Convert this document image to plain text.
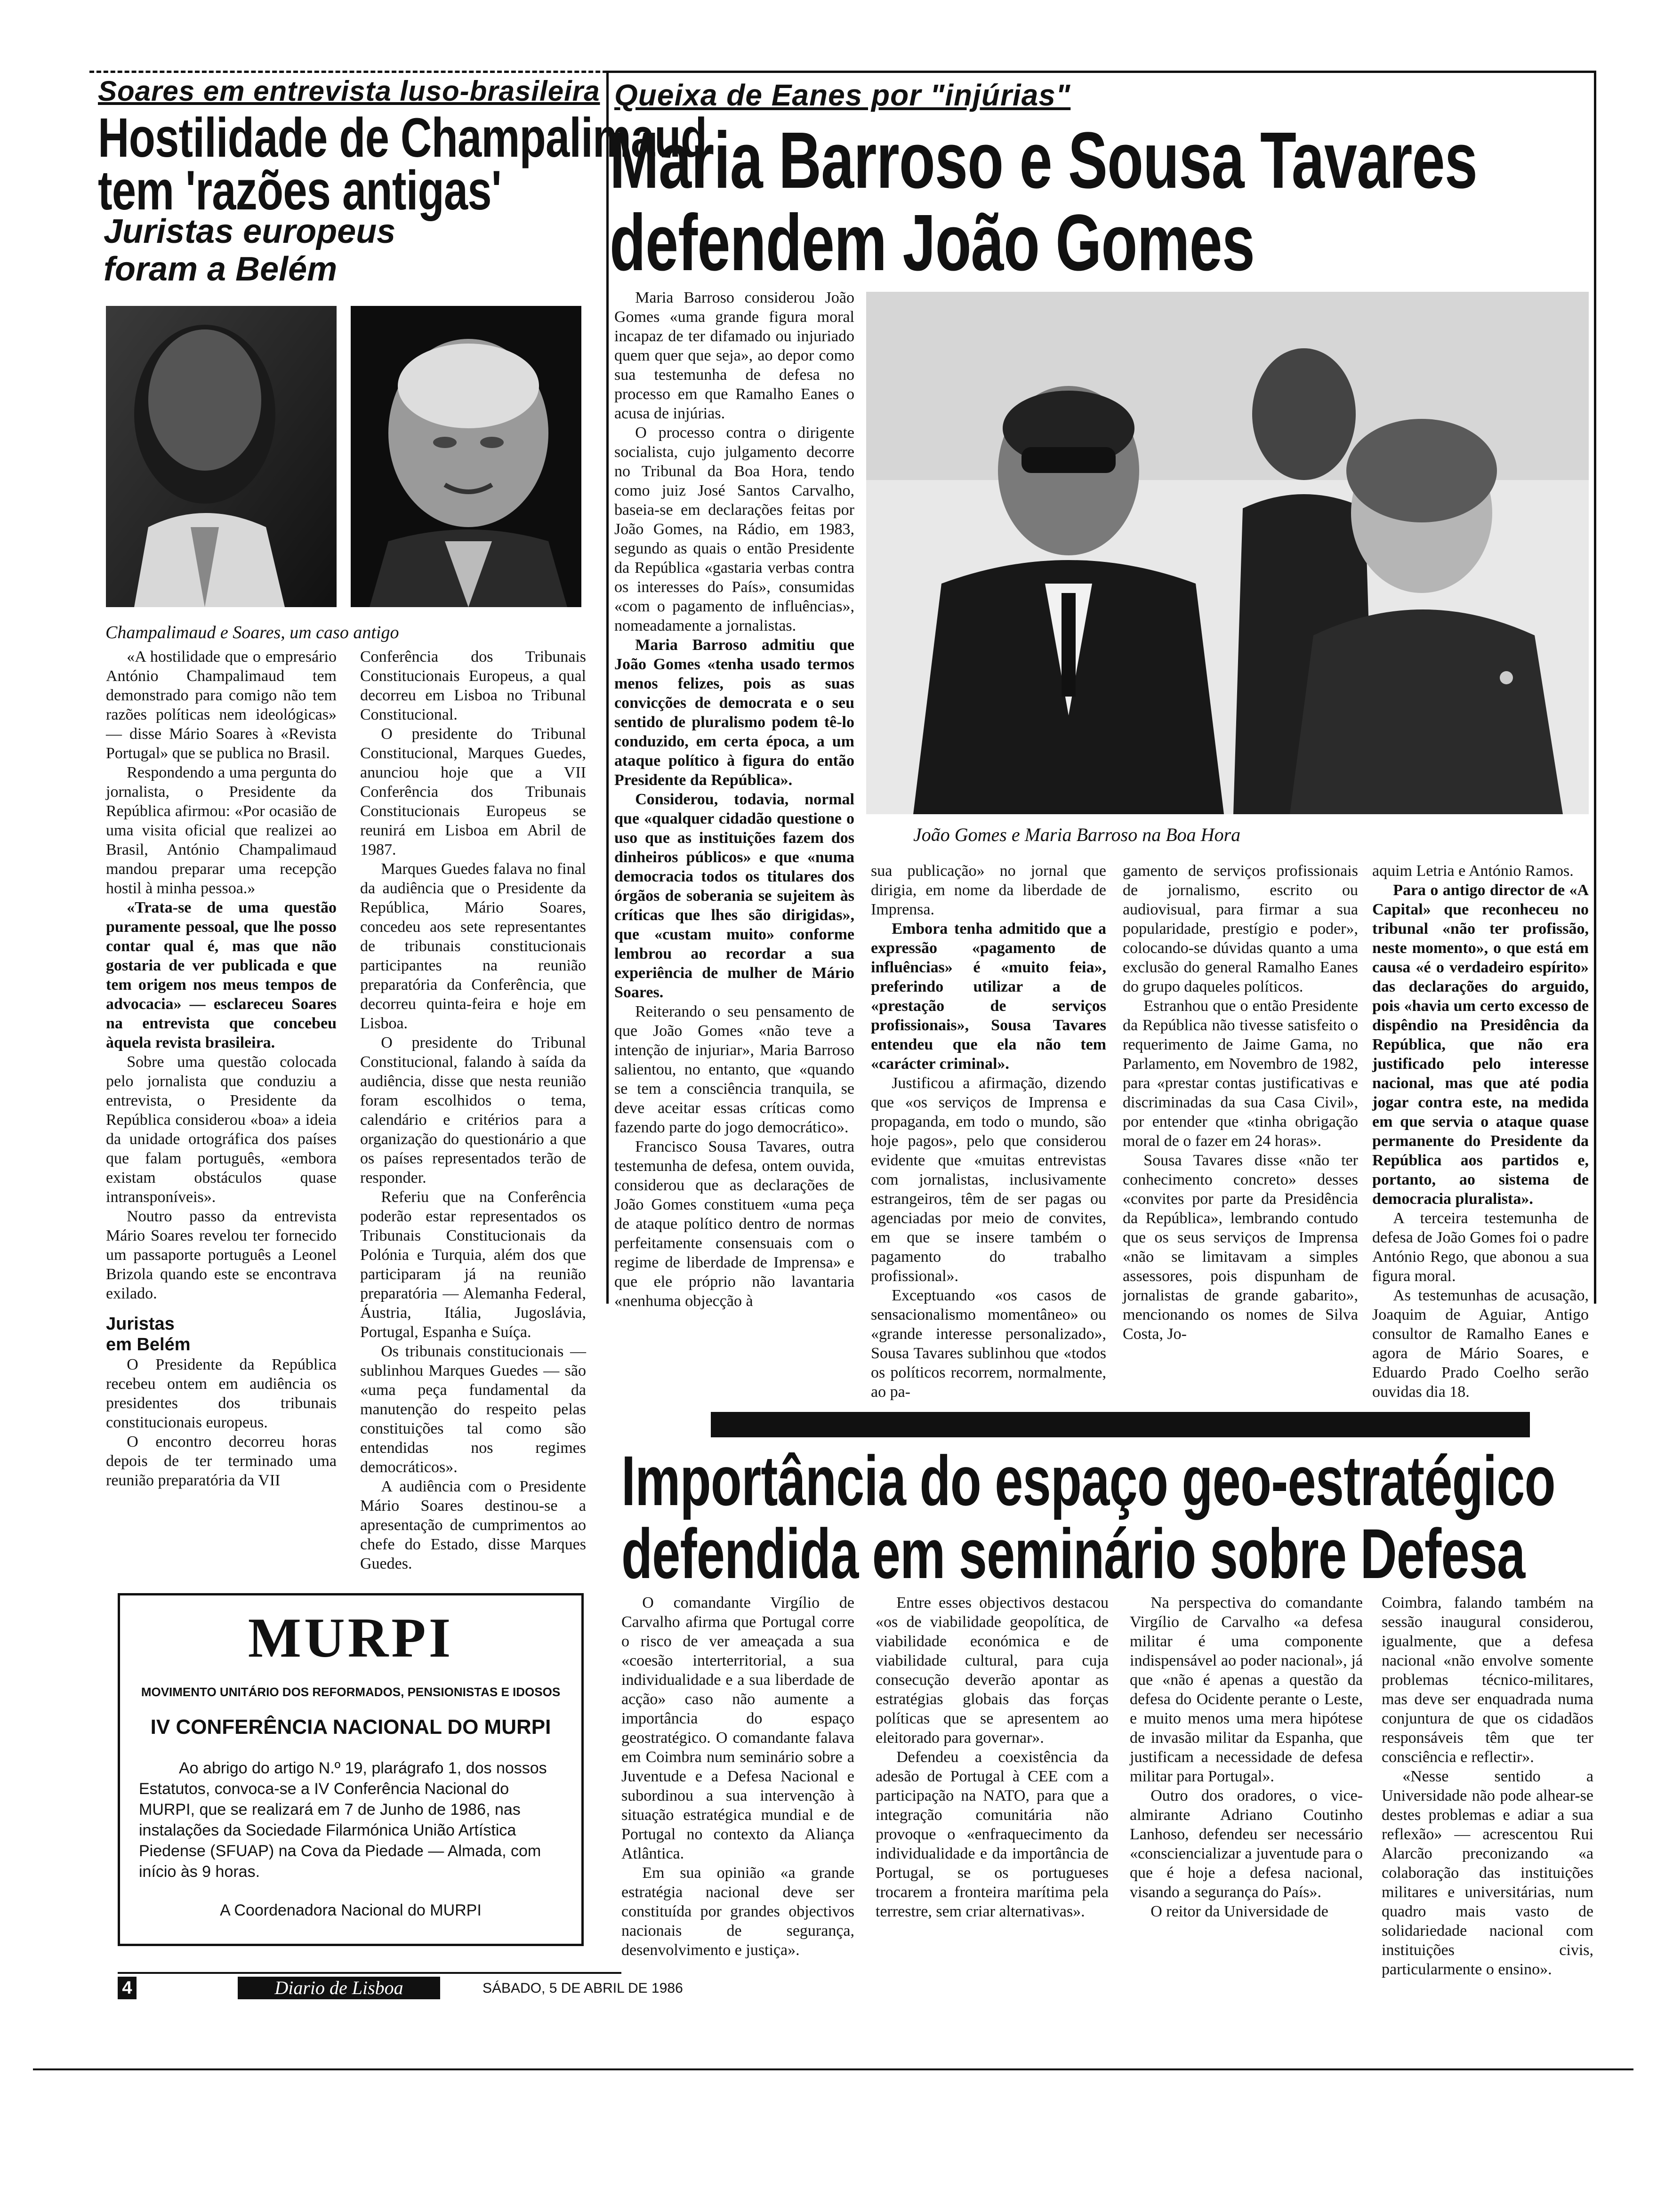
Soares em entrevista luso-brasileira
Hostilidade de Champalimaud
tem 'razões antigas'
Juristas europeus
foram a Belém
Champalimaud e Soares, um caso antigo

«A hostilidade que o empresário António Champalimaud tem demonstrado para comigo não tem razões políticas nem ideológicas» — disse Mário Soares à «Revista Portugal» que se publica no Brasil.

Respondendo a uma pergunta do jornalista, o Presidente da República afirmou: «Por ocasião de uma visita oficial que realizei ao Brasil, António Champalimaud mandou preparar uma recepção hostil à minha pessoa.»

«Trata-se de uma questão puramente pessoal, que lhe posso contar qual é, mas que não gostaria de ver publicada e que tem origem nos meus tempos de advocacia» — esclareceu Soares na entrevista que concebeu àquela revista brasileira.

Sobre uma questão colocada pelo jornalista que conduziu a entrevista, o Presidente da República considerou «boa» a ideia da unidade ortográfica dos países que falam português, «embora existam obstáculos quase intransponíveis».

Noutro passo da entrevista Mário Soares revelou ter fornecido um passaporte português a Leonel Brizola quando este se encontrava exilado.

Juristas

em Belém

O Presidente da República recebeu ontem em audiência os presidentes dos tribunais constitucionais europeus.

O encontro decorreu horas depois de ter terminado uma reunião preparatória da VII

Conferência dos Tribunais Constitucionais Europeus, a qual decorreu em Lisboa no Tribunal Constitucional.

O presidente do Tribunal Constitucional, Marques Guedes, anunciou hoje que a VII Conferência dos Tribunais Constitucionais Europeus se reunirá em Lisboa em Abril de 1987.

Marques Guedes falava no final da audiência que o Presidente da República, Mário Soares, concedeu aos sete representantes de tribunais constitucionais participantes na reunião preparatória da Conferência, que decorreu quinta-feira e hoje em Lisboa.

O presidente do Tribunal Constitucional, falando à saída da audiência, disse que nesta reunião foram escolhidos o tema, calendário e critérios para a organização do questionário a que os países representados terão de responder.

Referiu que na Conferência poderão estar representados os Tribunais Constitucionais da Polónia e Turquia, além dos que participaram já na reunião preparatória — Alemanha Federal, Áustria, Itália, Jugoslávia, Portugal, Espanha e Suíça.

Os tribunais constitucionais — sublinhou Marques Guedes — são «uma peça fundamental da manutenção do respeito pelas constituições tal como são entendidas nos regimes democráticos».

A audiência com o Presidente Mário Soares destinou-se a apresentação de cumprimentos ao chefe do Estado, disse Marques Guedes.

Queixa de Eanes por "injúrias"
Maria Barroso e Sousa Tavares
defendem João Gomes
João Gomes e Maria Barroso na Boa Hora

Maria Barroso considerou João Gomes «uma grande figura moral incapaz de ter difamado ou injuriado quem quer que seja», ao depor como sua testemunha de defesa no processo em que Ramalho Eanes o acusa de injúrias.

O processo contra o dirigente socialista, cujo julgamento decorre no Tribunal da Boa Hora, tendo como juiz José Santos Carvalho, baseia-se em declarações feitas por João Gomes, na Rádio, em 1983, segundo as quais o então Presidente da República «gastaria verbas contra os interesses do País», consumidas «com o pagamento de influências», nomeadamente a jornalistas.

Maria Barroso admitiu que João Gomes «tenha usado termos menos felizes, pois as suas convicções de democrata e o seu sentido de pluralismo podem tê-lo conduzido, em certa época, a um ataque político à figura do então Presidente da República».

Considerou, todavia, normal que «qualquer cidadão questione o uso que as instituições fazem dos dinheiros públicos» e que «numa democracia todos os titulares dos órgãos de soberania se sujeitem às críticas que lhes são dirigidas», que «custam muito» conforme lembrou ao recordar a sua experiência de mulher de Mário Soares.

Reiterando o seu pensamento de que João Gomes «não teve a intenção de injuriar», Maria Barroso salientou, no entanto, que «quando se tem a consciência tranquila, se deve aceitar essas críticas como fazendo parte do jogo democrático».

Francisco Sousa Tavares, outra testemunha de defesa, ontem ouvida, considerou que as declarações de João Gomes constituem «uma peça de ataque político dentro de normas perfeitamente consensuais com o regime de liberdade de Imprensa» e que ele próprio não lavantaria «nenhuma objecção à

sua publicação» no jornal que dirigia, em nome da liberdade de Imprensa.

Embora tenha admitido que a expressão «pagamento de influências» é «muito feia», preferindo utilizar a de «prestação de serviços profissionais», Sousa Tavares entendeu que ela não tem «carácter criminal».

Justificou a afirmação, dizendo que «os serviços de Imprensa e propaganda, em todo o mundo, são hoje pagos», pelo que considerou evidente que «muitas entrevistas com jornalistas, inclusivamente estrangeiros, têm de ser pagas ou agenciadas por meio de convites, em que se insere também o pagamento do trabalho profissional».

Exceptuando «os casos de sensacionalismo momentâneo» ou «grande interesse personalizado», Sousa Tavares sublinhou que «todos os políticos recorrem, normalmente, ao pa-

gamento de serviços profissionais de jornalismo, escrito ou audiovisual, para firmar a sua popularidade, prestígio e poder», colocando-se dúvidas quanto a uma exclusão do general Ramalho Eanes do grupo daqueles políticos.

Estranhou que o então Presidente da República não tivesse satisfeito o requerimento de Jaime Gama, no Parlamento, em Novembro de 1982, para «prestar contas justificativas e discriminadas da sua Casa Civil», por entender que «tinha obrigação moral de o fazer em 24 horas».

Sousa Tavares disse «não ter conhecimento concreto» desses «convites por parte da Presidência da República», lembrando contudo que os seus serviços de Imprensa «não se limitavam a simples assessores, pois dispunham de jornalistas de grande gabarito», mencionando os nomes de Silva Costa, Jo-

aquim Letria e António Ramos.

Para o antigo director de «A Capital» que reconheceu no tribunal «não ter profissão, neste momento», o que está em causa «é o verdadeiro espírito» das declarações do arguido, pois «havia um certo excesso de dispêndio na Presidência da República, que não era justificado pelo interesse nacional, mas que até podia jogar contra este, na medida em que servia o ataque quase permanente do Presidente da República aos partidos e, portanto, ao sistema de democracia pluralista».

A terceira testemunha de defesa de João Gomes foi o padre António Rego, que abonou a sua figura moral.

As testemunhas de acusação, Joaquim de Aguiar, Antigo consultor de Ramalho Eanes e agora de Mário Soares, e Eduardo Prado Coelho serão ouvidas dia 18.

Importância do espaço geo-estratégico
defendida em seminário sobre Defesa

O comandante Virgílio de Carvalho afirma que Portugal corre o risco de ver ameaçada a sua «coesão interterritorial, a sua individualidade e a sua liberdade de acção» caso não aumente a importância do espaço geostratégico. O comandante falava em Coimbra num seminário sobre a Juventude e a Defesa Nacional e subordinou a sua intervenção à situação estratégica mundial e de Portugal no contexto da Aliança Atlântica.

Em sua opinião «a grande estratégia nacional deve ser constituída por grandes objectivos nacionais de segurança, desenvolvimento e justiça».

Entre esses objectivos destacou «os de viabilidade geopolítica, de viabilidade económica e de viabilidade cultural, para cuja consecução deverão apontar as estratégias globais das forças políticas que se apresentem ao eleitorado para governar».

Defendeu a coexistência da adesão de Portugal à CEE com a participação na NATO, para que a integração comunitária não provoque o «enfraquecimento da individualidade e da importância de Portugal, se os portugueses trocarem a fronteira marítima pela terrestre, sem criar alternativas».

Na perspectiva do comandante Virgílio de Carvalho «a defesa militar é uma componente indispensável ao poder nacional», já que «não é apenas a questão da defesa do Ocidente perante o Leste, e muito menos uma mera hipótese de invasão militar da Espanha, que justificam a necessidade de defesa militar para Portugal».

Outro dos oradores, o vice-almirante Adriano Coutinho Lanhoso, defendeu ser necessário «consciencializar a juventude para o que é hoje a defesa nacional, visando a segurança do País».

O reitor da Universidade de

Coimbra, falando também na sessão inaugural considerou, igualmente, que a defesa nacional «não envolve somente problemas técnico-militares, mas deve ser enquadrada numa conjuntura de que os cidadãos responsáveis têm que ter consciência e reflectir».

«Nesse sentido a Universidade não pode alhear-se destes problemas e adiar a sua reflexão» — acrescentou Rui Alarcão preconizando «a colaboração das instituições militares e universitárias, num quadro mais vasto de solidariedade nacional com instituições civis, particularmente o ensino».

MURPI
MOVIMENTO UNITÁRIO DOS REFORMADOS, PENSIONISTAS E IDOSOS
IV CONFERÊNCIA NACIONAL DO MURPI
Ao abrigo do artigo N.º 19, plarágrafo 1, dos nossos Estatutos, convoca-se a IV Conferência Nacional do MURPI, que se realizará em 7 de Junho de 1986, nas instalações da Sociedade Filarmónica União Artística Piedense (SFUAP) na Cova da Piedade — Almada, com início às 9 horas.
A Coordenadora Nacional do MURPI
4	Diario de Lisboa	SÁBADO, 5 DE ABRIL DE 1986
